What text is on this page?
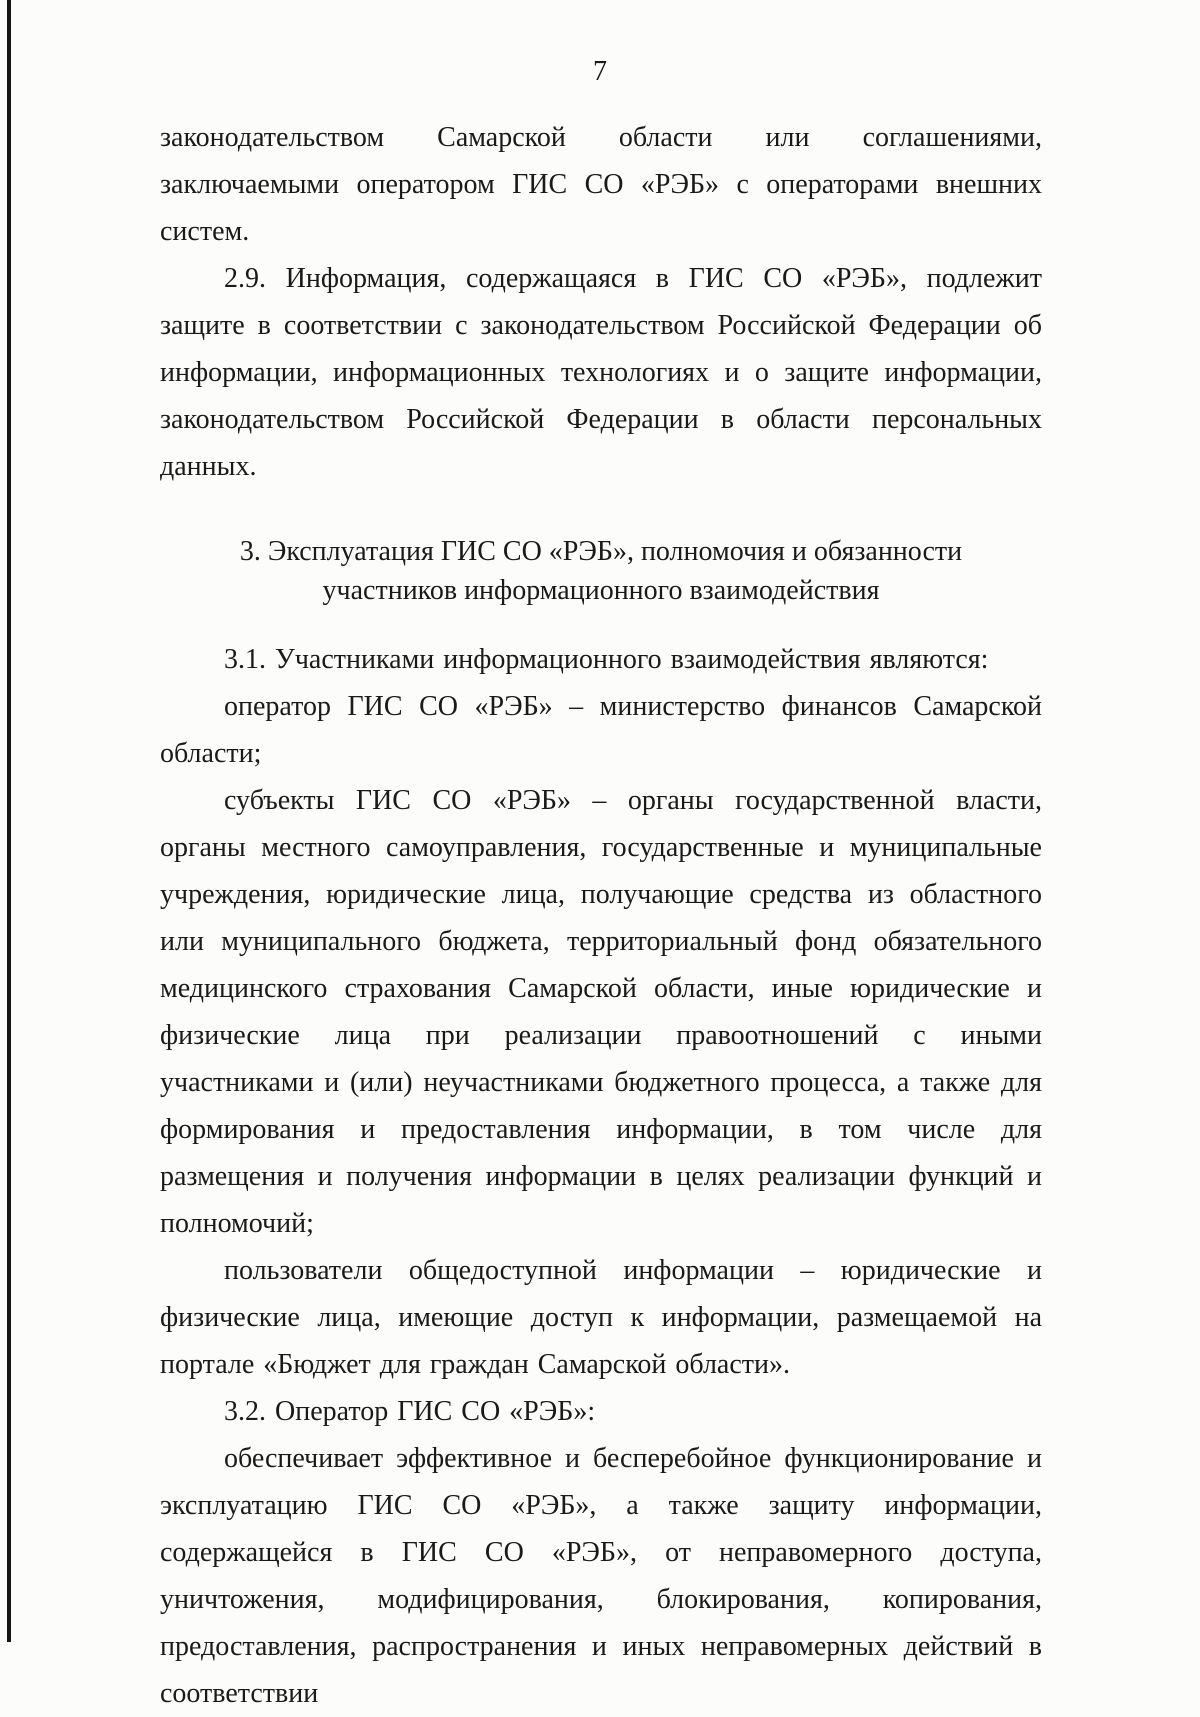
7

законодательством Самарской области или соглашениями, заключаемыми оператором ГИС СО «РЭБ» с операторами внешних систем.

2.9. Информация, содержащаяся в ГИС СО «РЭБ», подлежит защите в соответствии с законодательством Российской Федерации об информации, информационных технологиях и о защите информации, законодательством Российской Федерации в области персональных данных.

3. Эксплуатация ГИС СО «РЭБ», полномочия и обязанности
участников информационного взаимодействия

3.1. Участниками информационного взаимодействия являются:

оператор ГИС СО «РЭБ» – министерство финансов Самарской области;

субъекты ГИС СО «РЭБ» – органы государственной власти, органы местного самоуправления, государственные и муниципальные учреждения, юридические лица, получающие средства из областного или муниципального бюджета, территориальный фонд обязательного медицинского страхования Самарской области, иные юридические и физические лица при реализации правоотношений с иными участниками и (или) неучастниками бюджетного процесса, а также для формирования и предоставления информации, в том числе для размещения и получения информации в целях реализации функций и полномочий;

пользователи общедоступной информации – юридические и физические лица, имеющие доступ к информации, размещаемой на портале «Бюджет для граждан Самарской области».

3.2. Оператор ГИС СО «РЭБ»:

обеспечивает эффективное и бесперебойное функционирование и эксплуатацию ГИС СО «РЭБ», а также защиту информации, содержащейся в ГИС СО «РЭБ», от неправомерного доступа, уничтожения, модифицирования, блокирования, копирования, предоставления, распространения и иных неправомерных действий в соответствии
